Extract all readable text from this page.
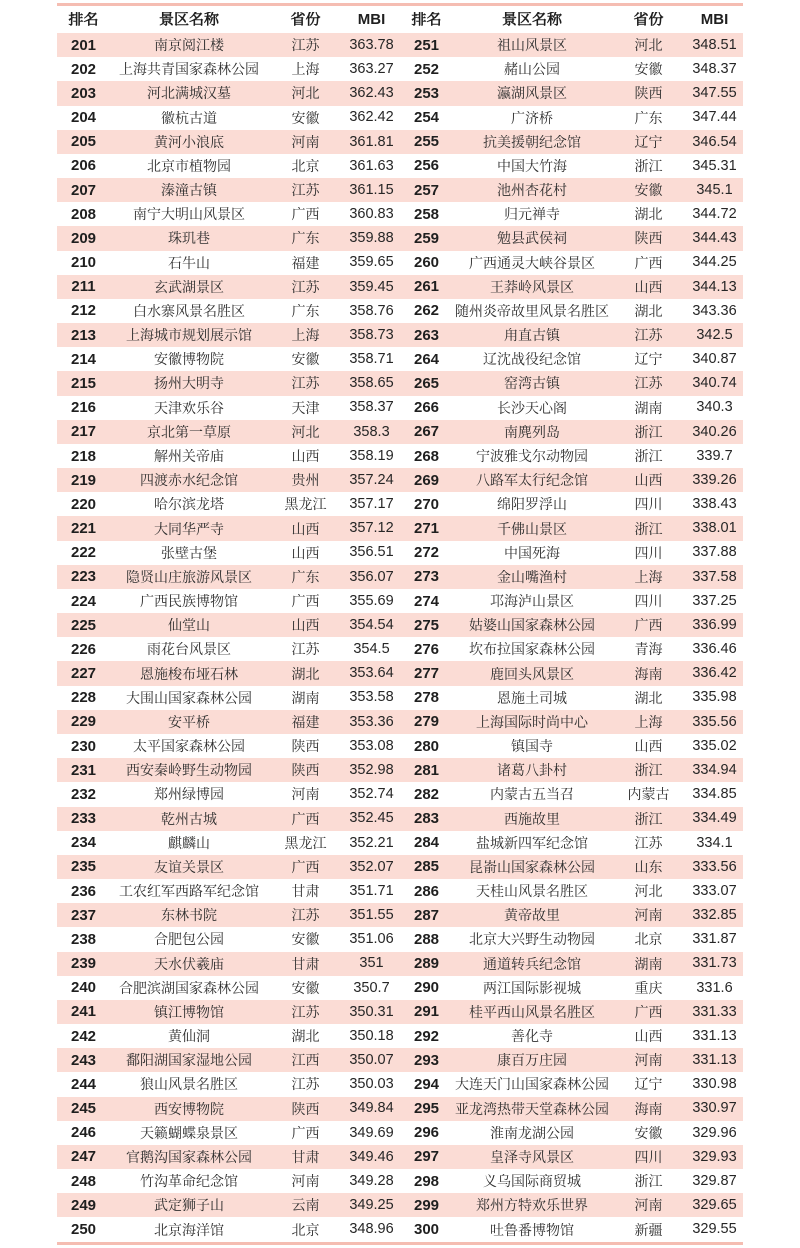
排名	景区名称	省份	MBI	排名	景区名称	省份	MBI
201	南京阅江楼	江苏	363.78	251	祖山风景区	河北	348.51
202	上海共青国家森林公园	上海	363.27	252	赭山公园	安徽	348.37
203	河北满城汉墓	河北	362.43	253	瀛湖风景区	陕西	347.55
204	徽杭古道	安徽	362.42	254	广济桥	广东	347.44
205	黄河小浪底	河南	361.81	255	抗美援朝纪念馆	辽宁	346.54
206	北京市植物园	北京	361.63	256	中国大竹海	浙江	345.31
207	溱潼古镇	江苏	361.15	257	池州杏花村	安徽	345.1
208	南宁大明山风景区	广西	360.83	258	归元禅寺	湖北	344.72
209	珠玑巷	广东	359.88	259	勉县武侯祠	陕西	344.43
210	石牛山	福建	359.65	260	广西通灵大峡谷景区	广西	344.25
211	玄武湖景区	江苏	359.45	261	王莽岭风景区	山西	344.13
212	白水寨风景名胜区	广东	358.76	262	随州炎帝故里风景名胜区	湖北	343.36
213	上海城市规划展示馆	上海	358.73	263	甪直古镇	江苏	342.5
214	安徽博物院	安徽	358.71	264	辽沈战役纪念馆	辽宁	340.87
215	扬州大明寺	江苏	358.65	265	窑湾古镇	江苏	340.74
216	天津欢乐谷	天津	358.37	266	长沙天心阁	湖南	340.3
217	京北第一草原	河北	358.3	267	南麂列岛	浙江	340.26
218	解州关帝庙	山西	358.19	268	宁波雅戈尔动物园	浙江	339.7
219	四渡赤水纪念馆	贵州	357.24	269	八路军太行纪念馆	山西	339.26
220	哈尔滨龙塔	黑龙江	357.17	270	绵阳罗浮山	四川	338.43
221	大同华严寺	山西	357.12	271	千佛山景区	浙江	338.01
222	张壁古堡	山西	356.51	272	中国死海	四川	337.88
223	隐贤山庄旅游风景区	广东	356.07	273	金山嘴渔村	上海	337.58
224	广西民族博物馆	广西	355.69	274	邛海泸山景区	四川	337.25
225	仙堂山	山西	354.54	275	姑婆山国家森林公园	广西	336.99
226	雨花台风景区	江苏	354.5	276	坎布拉国家森林公园	青海	336.46
227	恩施梭布垭石林	湖北	353.64	277	鹿回头风景区	海南	336.42
228	大围山国家森林公园	湖南	353.58	278	恩施土司城	湖北	335.98
229	安平桥	福建	353.36	279	上海国际时尚中心	上海	335.56
230	太平国家森林公园	陕西	353.08	280	镇国寺	山西	335.02
231	西安秦岭野生动物园	陕西	352.98	281	诸葛八卦村	浙江	334.94
232	郑州绿博园	河南	352.74	282	内蒙古五当召	内蒙古	334.85
233	乾州古城	广西	352.45	283	西施故里	浙江	334.49
234	麒麟山	黑龙江	352.21	284	盐城新四军纪念馆	江苏	334.1
235	友谊关景区	广西	352.07	285	昆嵛山国家森林公园	山东	333.56
236	工农红军西路军纪念馆	甘肃	351.71	286	天桂山风景名胜区	河北	333.07
237	东林书院	江苏	351.55	287	黄帝故里	河南	332.85
238	合肥包公园	安徽	351.06	288	北京大兴野生动物园	北京	331.87
239	天水伏羲庙	甘肃	351	289	通道转兵纪念馆	湖南	331.73
240	合肥滨湖国家森林公园	安徽	350.7	290	两江国际影视城	重庆	331.6
241	镇江博物馆	江苏	350.31	291	桂平西山风景名胜区	广西	331.33
242	黄仙洞	湖北	350.18	292	善化寺	山西	331.13
243	鄱阳湖国家湿地公园	江西	350.07	293	康百万庄园	河南	331.13
244	狼山风景名胜区	江苏	350.03	294	大连天门山国家森林公园	辽宁	330.98
245	西安博物院	陕西	349.84	295	亚龙湾热带天堂森林公园	海南	330.97
246	天籁蝴蝶泉景区	广西	349.69	296	淮南龙湖公园	安徽	329.96
247	官鹅沟国家森林公园	甘肃	349.46	297	皇泽寺风景区	四川	329.93
248	竹沟革命纪念馆	河南	349.28	298	义乌国际商贸城	浙江	329.87
249	武定狮子山	云南	349.25	299	郑州方特欢乐世界	河南	329.65
250	北京海洋馆	北京	348.96	300	吐鲁番博物馆	新疆	329.55
